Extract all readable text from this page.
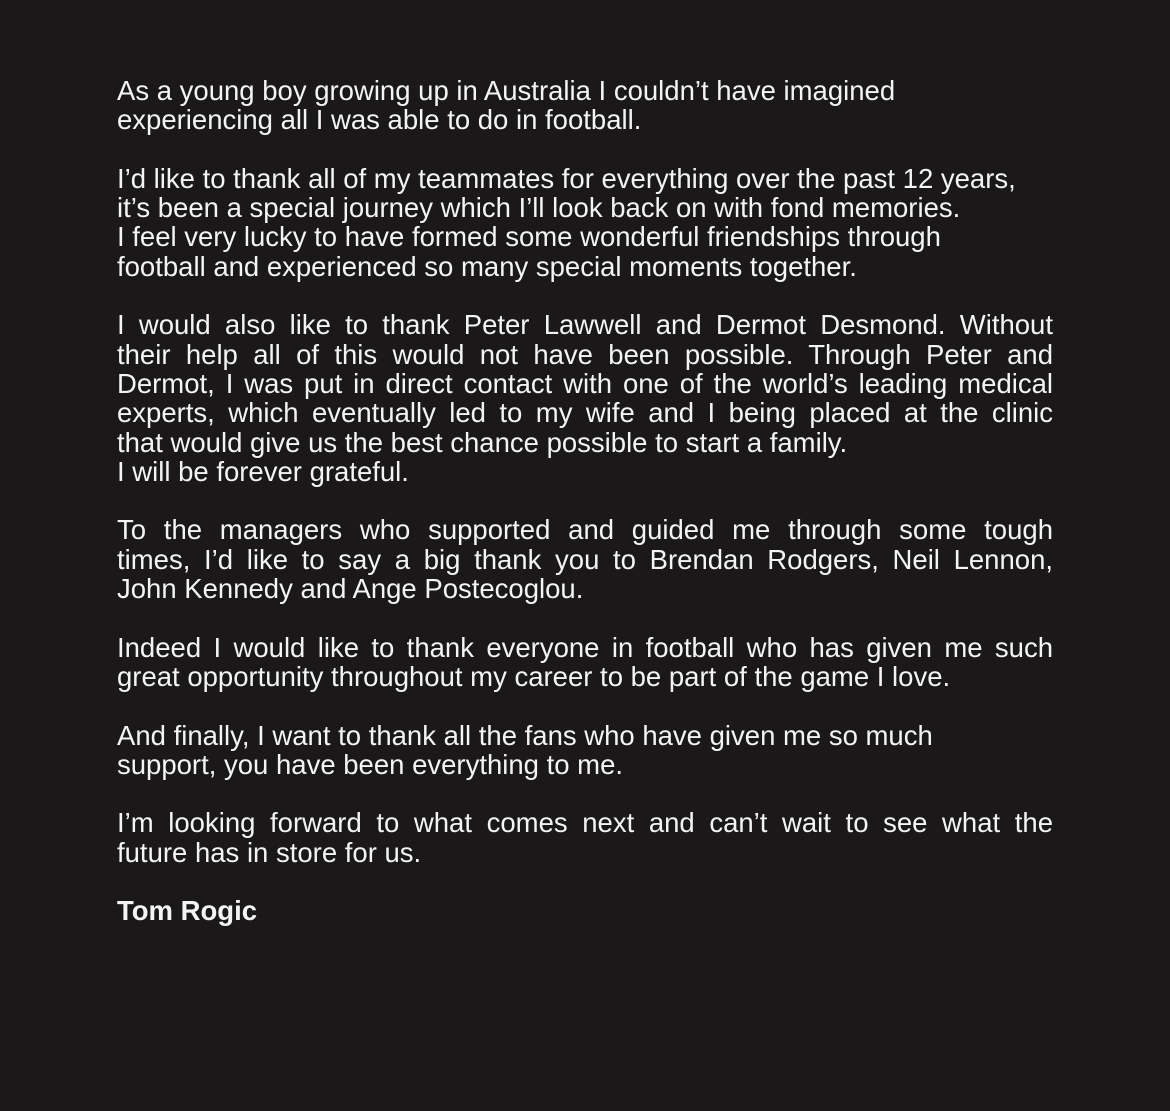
As a young boy growing up in Australia I couldn’t have imagined
experiencing all I was able to do in football.

I’d like to thank all of my teammates for everything over the past 12 years,
it’s been a special journey which I’ll look back on with fond memories.
I feel very lucky to have formed some wonderful friendships through
football and experienced so many special moments together.

I would also like to thank Peter Lawwell and Dermot Desmond. Without
their help all of this would not have been possible. Through Peter and
Dermot, I was put in direct contact with one of the world’s leading medical
experts, which eventually led to my wife and I being placed at the clinic
that would give us the best chance possible to start a family.
I will be forever grateful.

To the managers who supported and guided me through some tough
times, I’d like to say a big thank you to Brendan Rodgers, Neil Lennon,
John Kennedy and Ange Postecoglou.

Indeed I would like to thank everyone in football who has given me such
great opportunity throughout my career to be part of the game I love.

And finally, I want to thank all the fans who have given me so much
support, you have been everything to me.

I’m looking forward to what comes next and can’t wait to see what the
future has in store for us.

Tom Rogic
